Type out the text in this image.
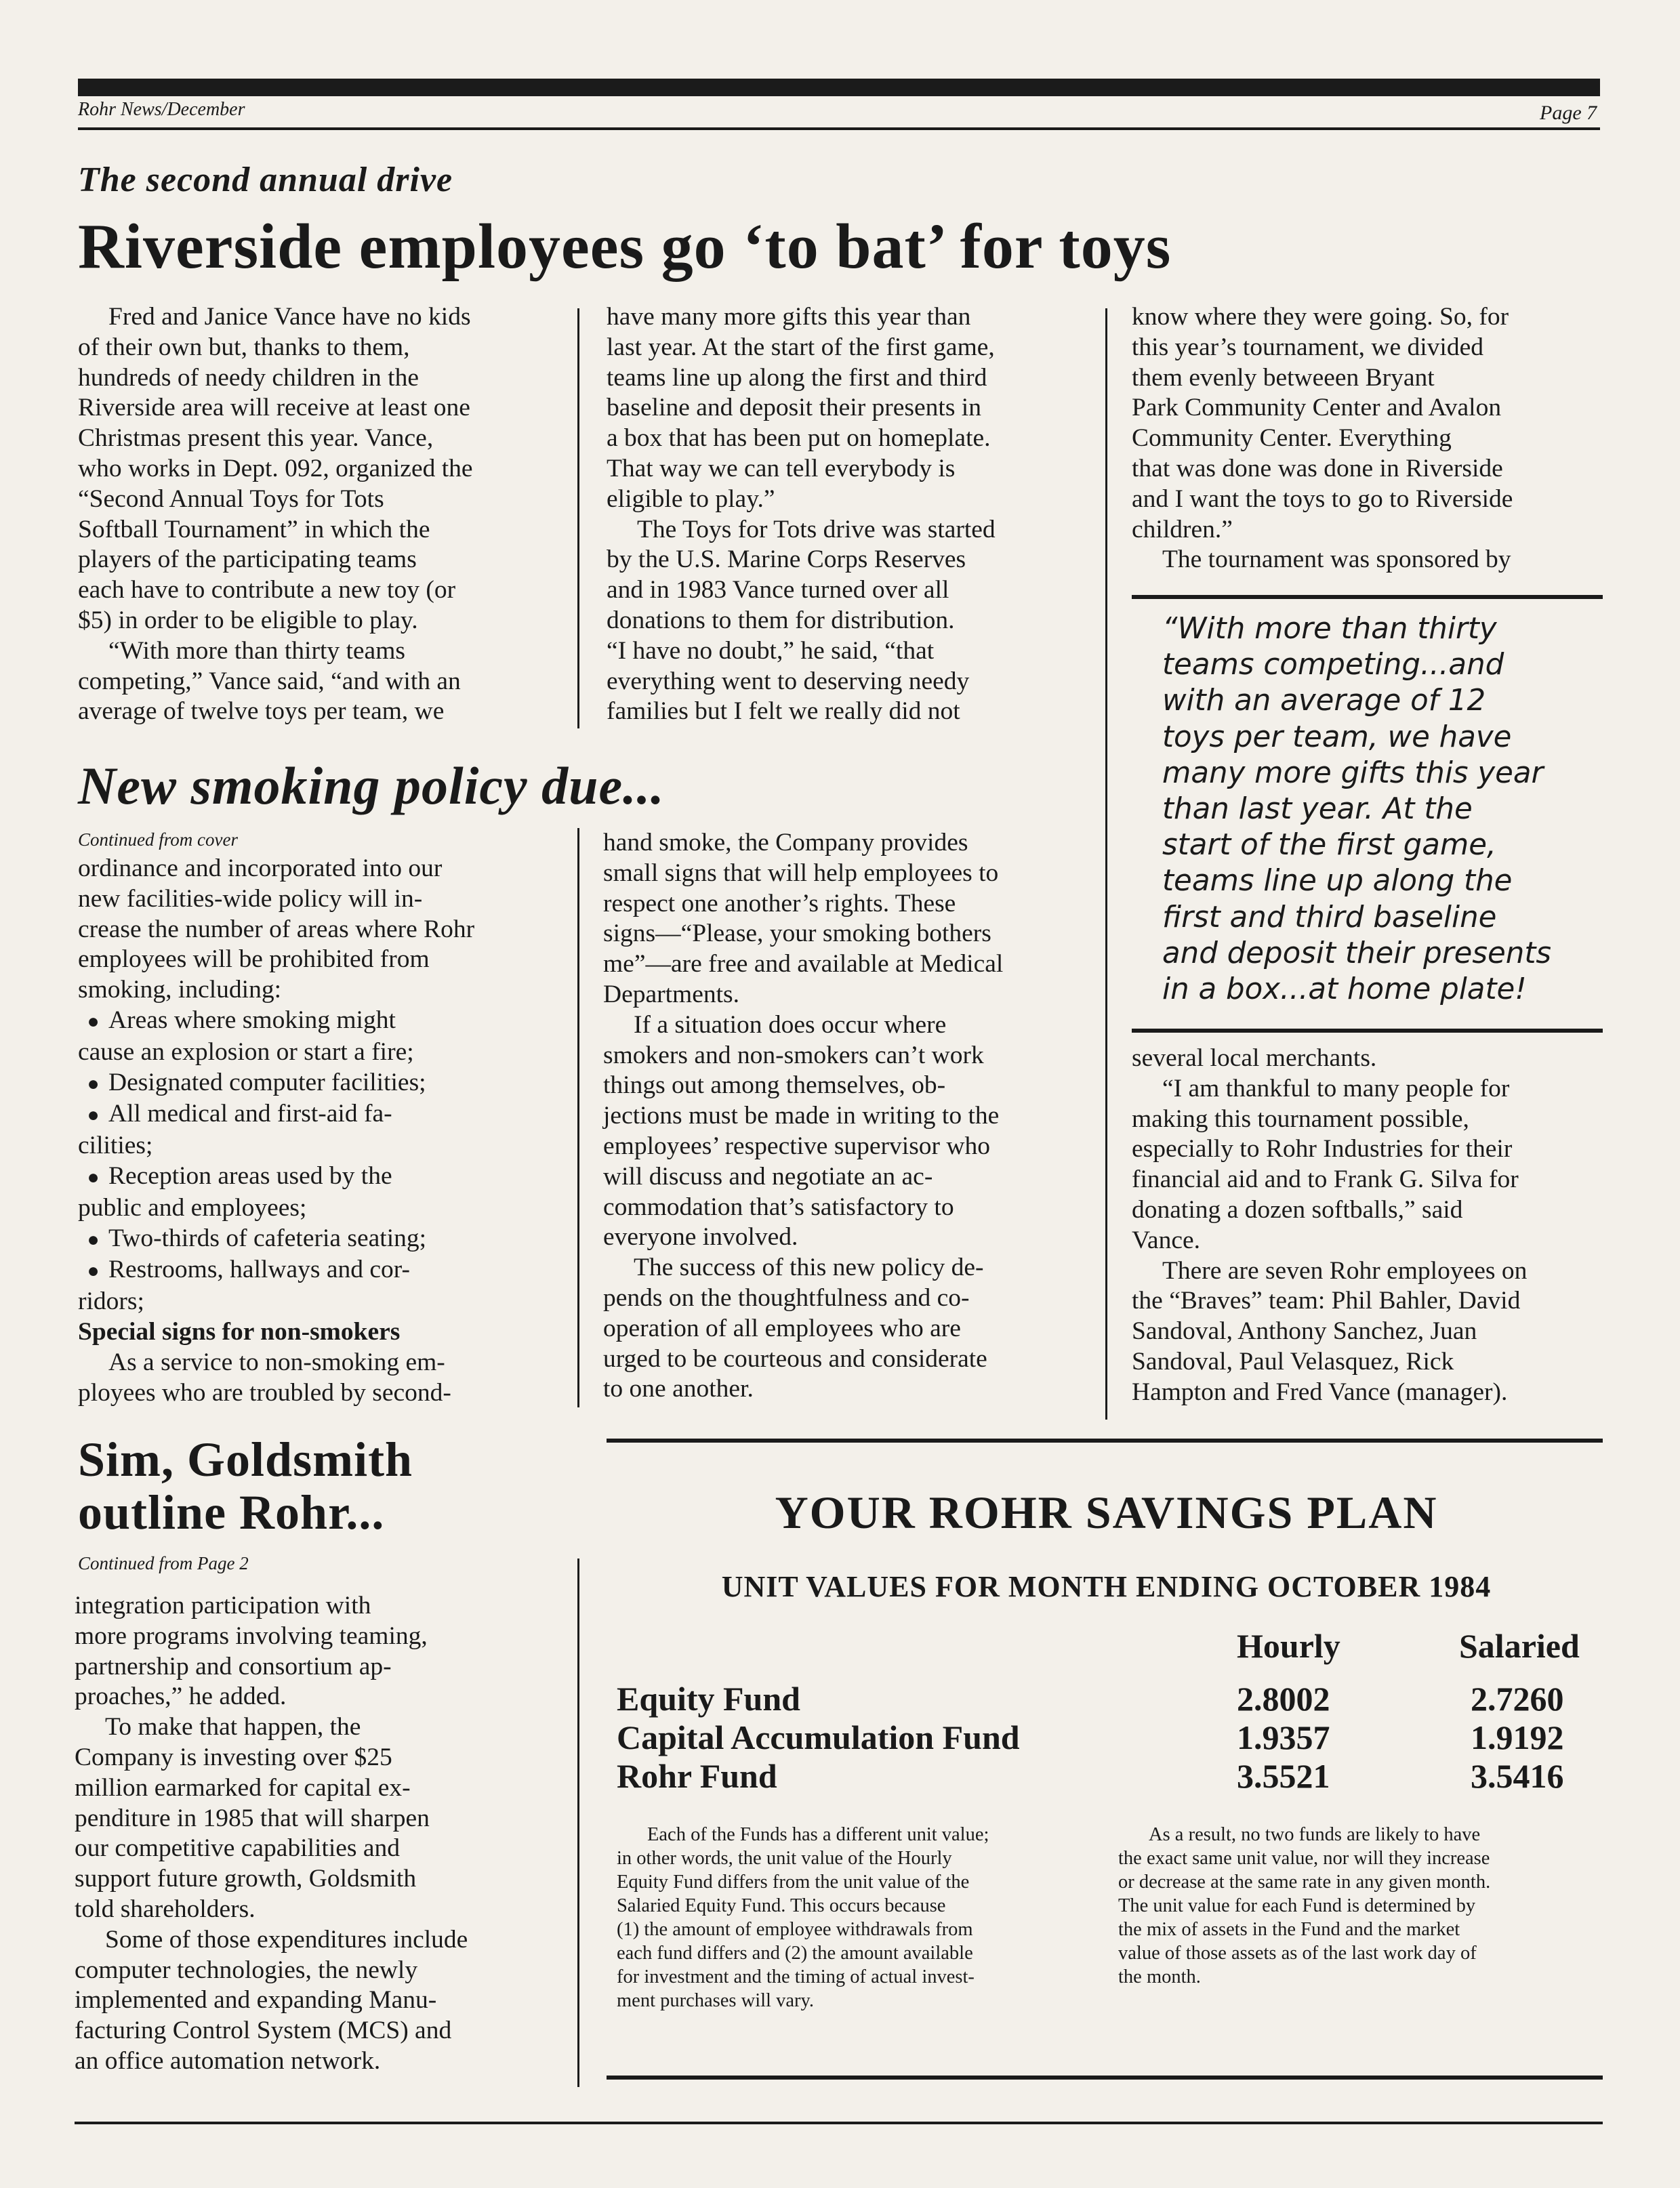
Rohr News/December	Page 7
The second annual drive
Riverside employees go ‘to bat’ for toys

Fred and Janice Vance have no kids

of their own but, thanks to them,

hundreds of needy children in the

Riverside area will receive at least one

Christmas present this year. Vance,

who works in Dept. 092, organized the

“Second Annual Toys for Tots

Softball Tournament” in which the

players of the participating teams

each have to contribute a new toy (or

$5) in order to be eligible to play.

“With more than thirty teams

competing,” Vance said, “and with an

average of twelve toys per team, we

have many more gifts this year than

last year. At the start of the first game,

teams line up along the first and third

baseline and deposit their presents in

a box that has been put on homeplate.

That way we can tell everybody is

eligible to play.”

The Toys for Tots drive was started

by the U.S. Marine Corps Reserves

and in 1983 Vance turned over all

donations to them for distribution.

“I have no doubt,” he said, “that

everything went to deserving needy

families but I felt we really did not

know where they were going. So, for

this year’s tournament, we divided

them evenly betweeen Bryant

Park Community Center and Avalon

Community Center. Everything

that was done was done in Riverside

and I want the toys to go to Riverside

children.”

The tournament was sponsored by

“With more than thirty
teams competing...and
with an average of 12
toys per team, we have
many more gifts this year
than last year. At the
start of the first game,
teams line up along the
first and third baseline
and deposit their presents
in a box...at home plate!

several local merchants.

“I am thankful to many people for

making this tournament possible,

especially to Rohr Industries for their

financial aid and to Frank G. Silva for

donating a dozen softballs,” said

Vance.

There are seven Rohr employees on

the “Braves” team: Phil Bahler, David

Sandoval, Anthony Sanchez, Juan

Sandoval, Paul Velasquez, Rick

Hampton and Fred Vance (manager).

New smoking policy due...
Continued from cover

ordinance and incorporated into our

new facilities-wide policy will in-

crease the number of areas where Rohr

employees will be prohibited from

smoking, including:

● Areas where smoking might

cause an explosion or start a fire;

● Designated computer facilities;

● All medical and first-aid fa-

cilities;

● Reception areas used by the

public and employees;

● Two-thirds of cafeteria seating;

● Restrooms, hallways and cor-

ridors;

Special signs for non-smokers

As a service to non-smoking em-

ployees who are troubled by second-

hand smoke, the Company provides

small signs that will help employees to

respect one another’s rights. These

signs—“Please, your smoking bothers

me”—are free and available at Medical

Departments.

If a situation does occur where

smokers and non-smokers can’t work

things out among themselves, ob-

jections must be made in writing to the

employees’ respective supervisor who

will discuss and negotiate an ac-

commodation that’s satisfactory to

everyone involved.

The success of this new policy de-

pends on the thoughtfulness and co-

operation of all employees who are

urged to be courteous and considerate

to one another.

Sim, Goldsmith
outline Rohr...
Continued from Page 2

integration participation with

more programs involving teaming,

partnership and consortium ap-

proaches,” he added.

To make that happen, the

Company is investing over $25

million earmarked for capital ex-

penditure in 1985 that will sharpen

our competitive capabilities and

support future growth, Goldsmith

told shareholders.

Some of those expenditures include

computer technologies, the newly

implemented and expanding Manu-

facturing Control System (MCS) and

an office automation network.

YOUR ROHR SAVINGS PLAN
UNIT VALUES FOR MONTH ENDING OCTOBER 1984
Hourly	Salaried
Equity Fund	2.8002	2.7260
Capital Accumulation Fund	1.9357	1.9192
Rohr Fund	3.5521	3.5416
Each of the Funds has a different unit value;
in other words, the unit value of the Hourly
Equity Fund differs from the unit value of the
Salaried Equity Fund. This occurs because
(1) the amount of employee withdrawals from
each fund differs and (2) the amount available
for investment and the timing of actual invest-
ment purchases will vary.
As a result, no two funds are likely to have
the exact same unit value, nor will they increase
or decrease at the same rate in any given month.
The unit value for each Fund is determined by
the mix of assets in the Fund and the market
value of those assets as of the last work day of
the month.
